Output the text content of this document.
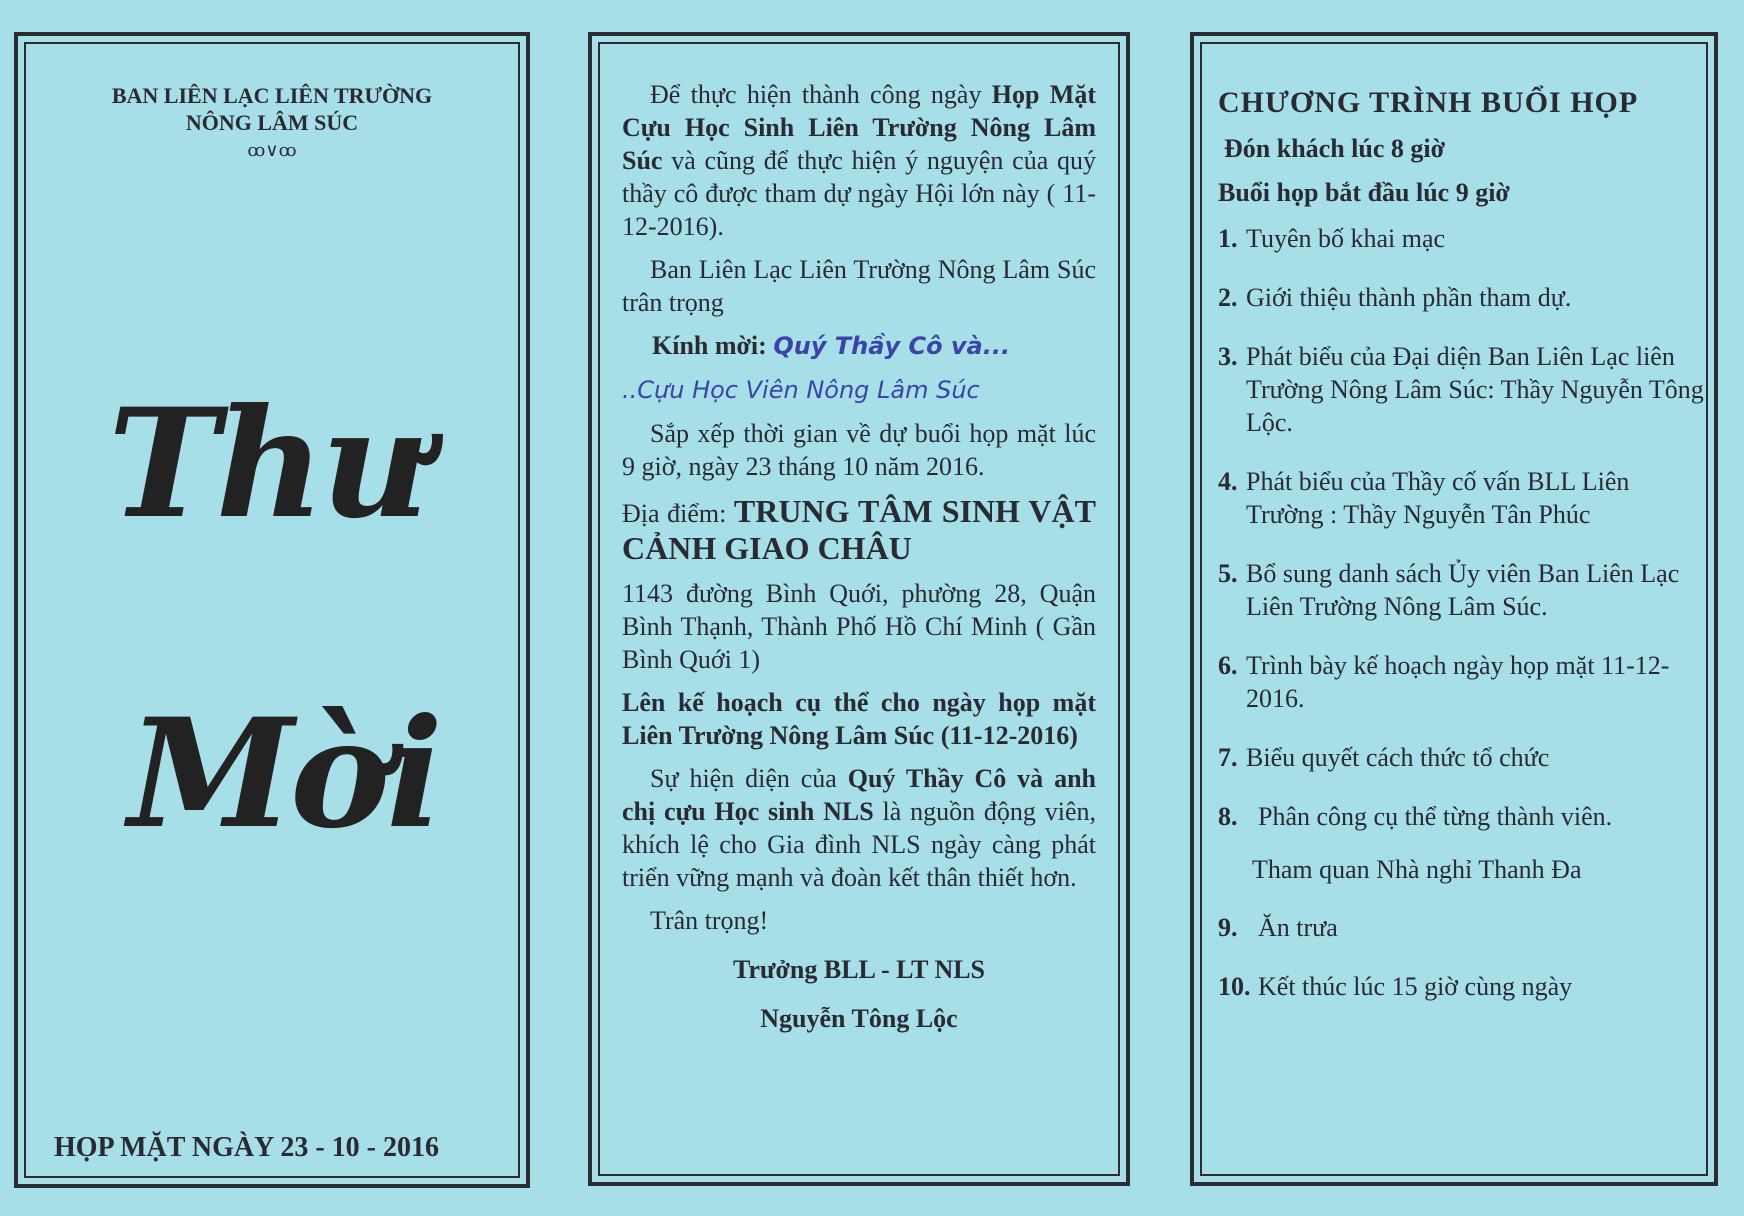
BAN LIÊN LẠC LIÊN TRƯỜNG
NÔNG LÂM SÚC
ꝏ∨ꝏ
Thư
Mời
HỌP MẶT NGÀY 23 - 10 - 2016

Để thực hiện thành công ngày Họp Mặt Cựu Học Sinh Liên Trường Nông Lâm Súc và cũng để thực hiện ý nguyện của quý thầy cô được tham dự ngày Hội lớn này ( 11-12-2016).

Ban Liên Lạc Liên Trường Nông Lâm Súc trân trọng

Kính mời: Quý Thầy Cô và...

..Cựu Học Viên Nông Lâm Súc

Sắp xếp thời gian về dự buổi họp mặt lúc 9 giờ, ngày 23 tháng 10 năm 2016.

Địa điểm: TRUNG TÂM SINH VẬT CẢNH GIAO CHÂU

1143 đường Bình Quới, phường 28, Quận Bình Thạnh, Thành Phố Hồ Chí Minh ( Gần Bình Quới 1)

Lên kế hoạch cụ thể cho ngày họp mặt Liên Trường Nông Lâm Súc (11-12-2016)

Sự hiện diện của Quý Thầy Cô và anh chị cựu Học sinh NLS là nguồn động viên, khích lệ cho Gia đình NLS ngày càng phát triển vững mạnh và đoàn kết thân thiết hơn.

Trân trọng!

Trưởng BLL - LT NLS
Nguyễn Tông Lộc
CHƯƠNG TRÌNH BUỔI HỌP
Đón khách lúc 8 giờ
Buổi họp bắt đầu lúc 9 giờ
1. Tuyên bố khai mạc
2. Giới thiệu thành phần tham dự.
3. Phát biểu của Đại diện Ban Liên Lạc liên Trường Nông Lâm Súc: Thầy Nguyễn Tông Lộc.
4. Phát biểu của Thầy cố vấn BLL Liên Trường : Thầy Nguyễn Tân Phúc
5. Bổ sung danh sách Ủy viên Ban Liên Lạc Liên Trường Nông Lâm Súc.
6. Trình bày kế hoạch ngày họp mặt 11-12-2016.
7. Biểu quyết cách thức tổ chức
8. Phân công cụ thể từng thành viên.
Tham quan Nhà nghỉ Thanh Đa
9. Ăn trưa
10. Kết thúc lúc 15 giờ cùng ngày
